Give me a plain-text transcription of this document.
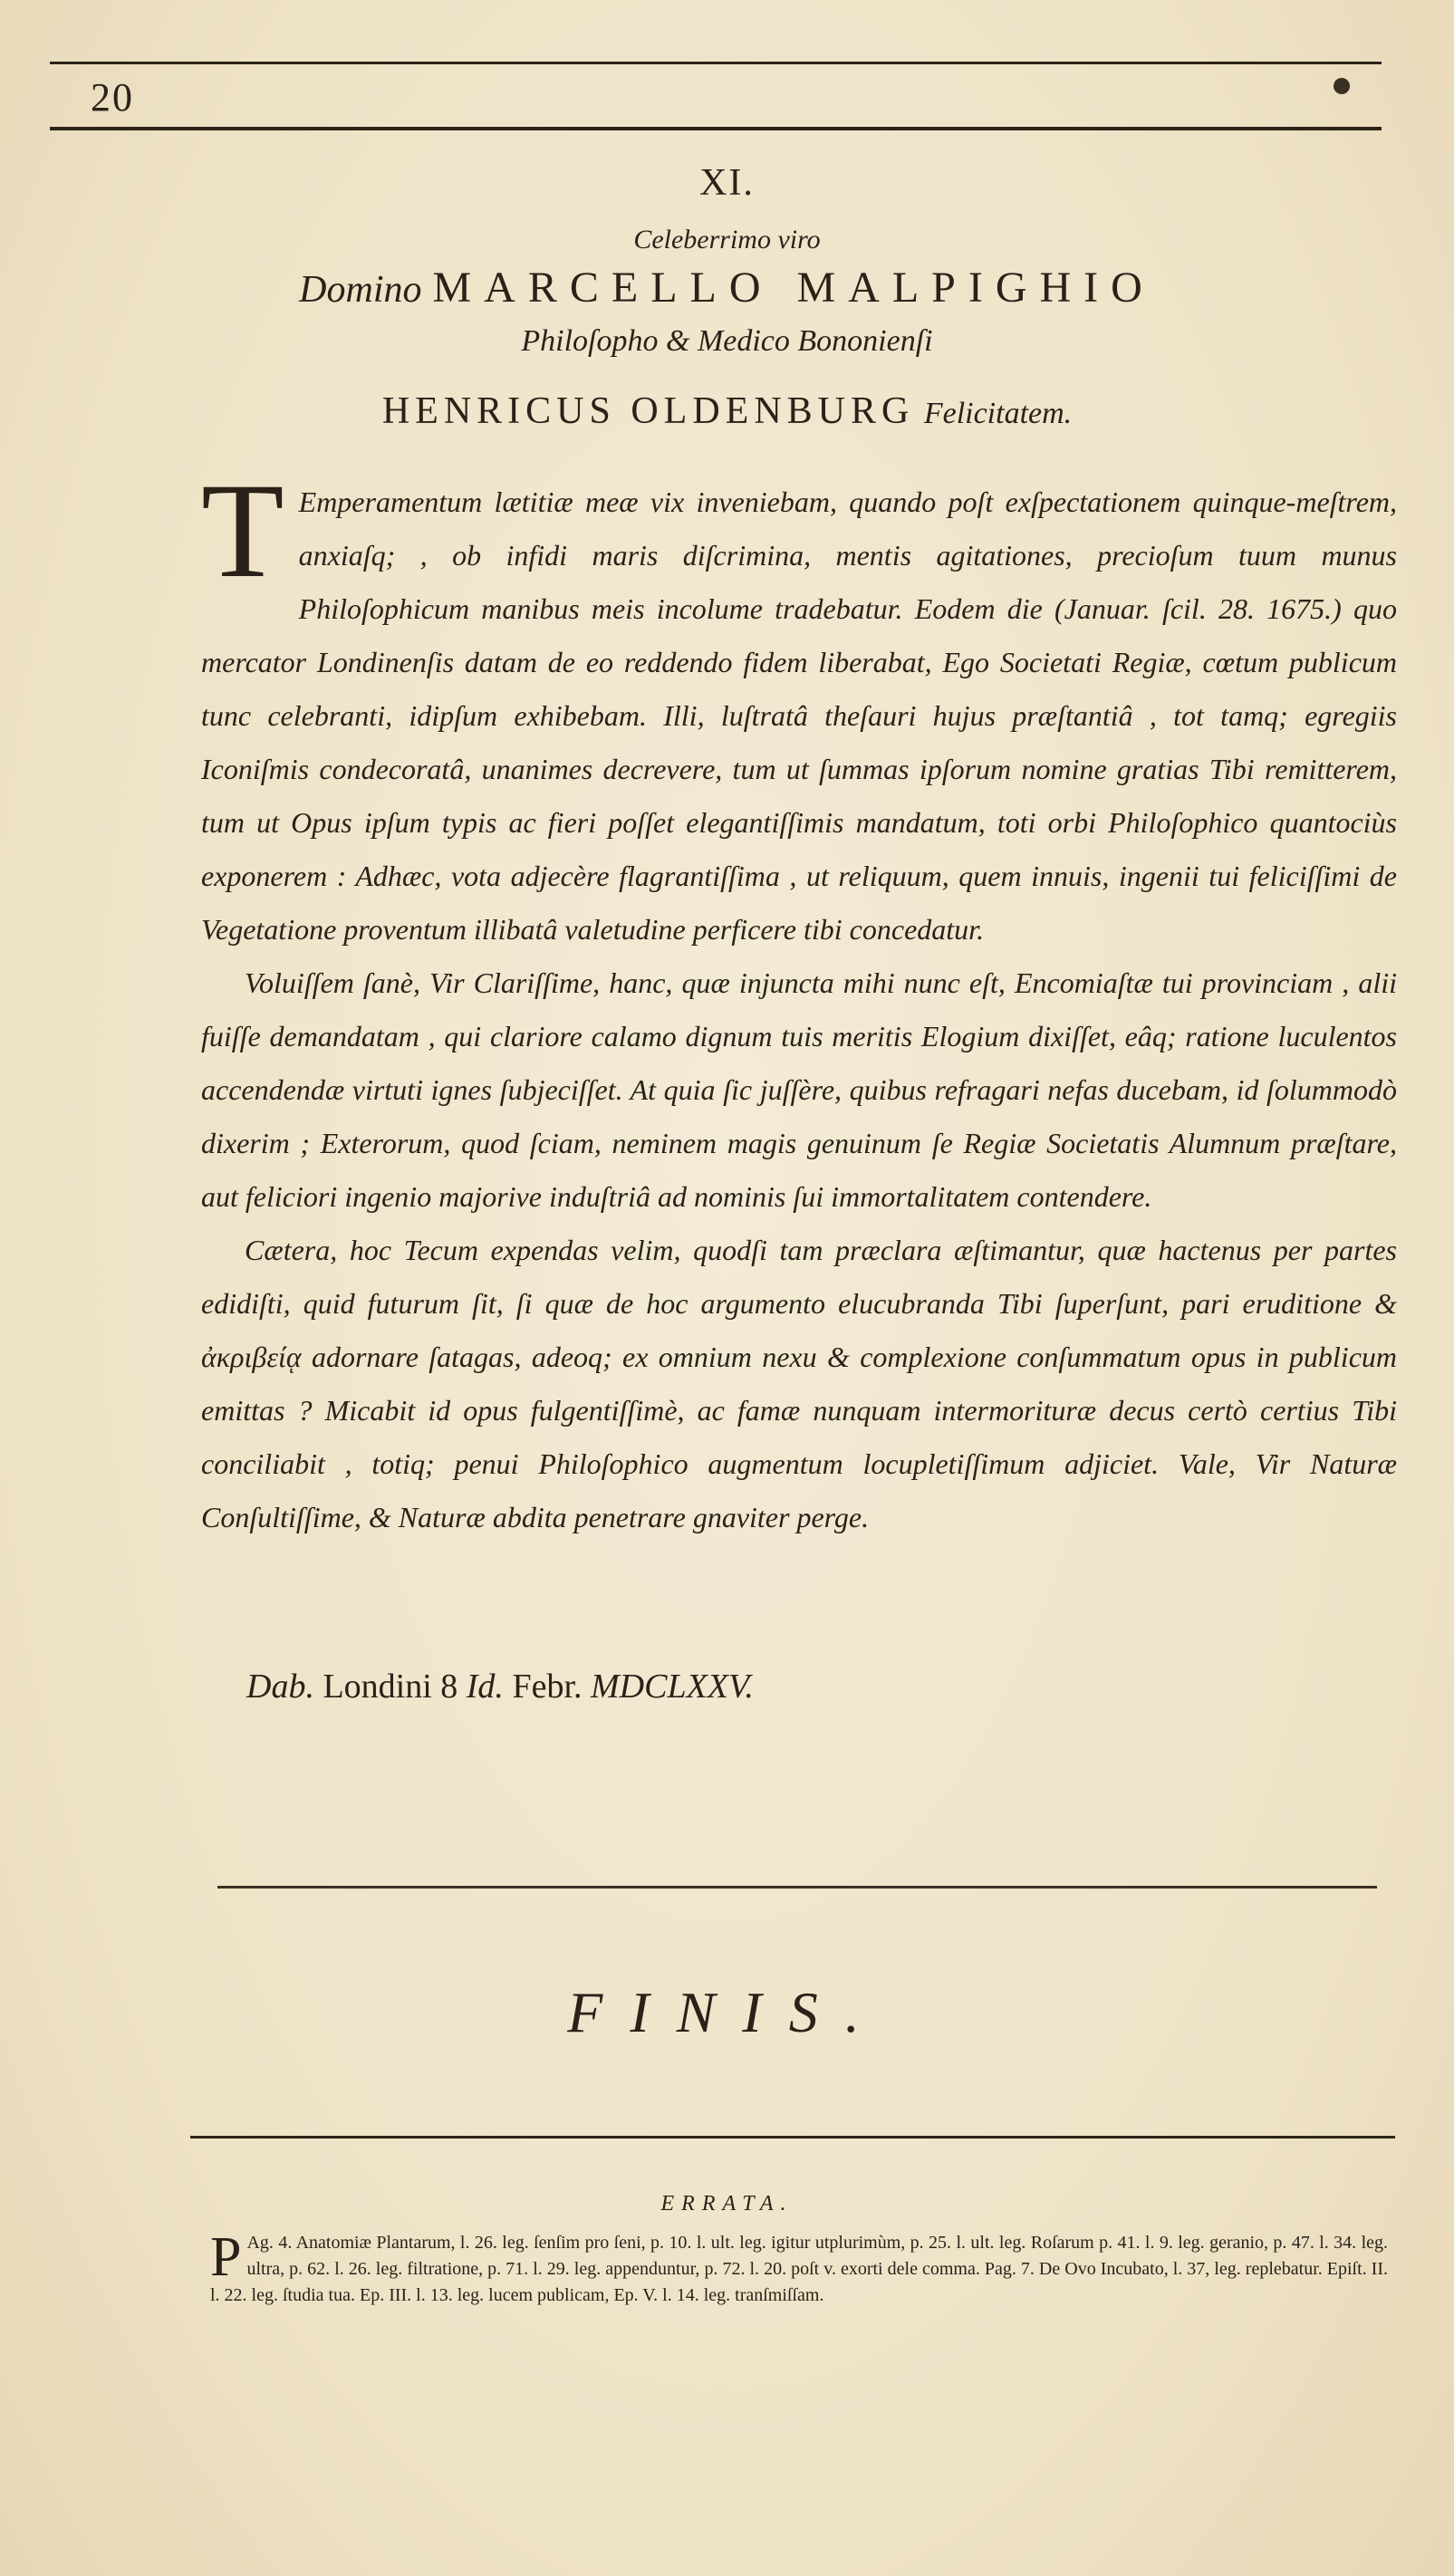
20
XI.
Celeberrimo viro
Domino MARCELLO MALPIGHIO
Philoſopho & Medico Bononienſi
HENRICUS OLDENBURG Felicitatem.

T Emperamentum lætitiæ meæ vix inveniebam, quando poſt exſpectationem quinque-meſtrem, anxiaſq; , ob infidi maris diſcrimina, mentis agitationes, precioſum tuum munus Philoſophicum manibus meis incolume tradebatur. Eodem die (Januar. ſcil. 28. 1675.) quo mercator Londinenſis datam de eo reddendo fidem liberabat, Ego Societati Regiæ, cœtum publicum tunc celebranti, idipſum exhibebam. Illi, luſtratâ theſauri hujus præſtantiâ , tot tamq; egregiis Iconiſmis condecoratâ, unanimes decrevere, tum ut ſummas ipſorum nomine gratias Tibi remitterem, tum ut Opus ipſum typis ac fieri poſſet elegantiſſimis mandatum, toti orbi Philoſophico quantociùs exponerem : Adhæc, vota adjecère flagrantiſſima , ut reliquum, quem innuis, ingenii tui feliciſſimi de Vegetatione proventum illibatâ valetudine perficere tibi concedatur.

Voluiſſem ſanè, Vir Clariſſime, hanc, quæ injuncta mihi nunc eſt, Encomiaſtæ tui provinciam , alii fuiſſe demandatam , qui clariore calamo dignum tuis meritis Elogium dixiſſet, eâq; ratione luculentos accendendæ virtuti ignes ſubjeciſſet. At quia ſic juſſère, quibus refragari nefas ducebam, id ſolummodò dixerim ; Exterorum, quod ſciam, neminem magis genuinum ſe Regiæ Societatis Alumnum præſtare, aut feliciori ingenio majorive induſtriâ ad nominis ſui immortalitatem contendere.

Cætera, hoc Tecum expendas velim, quodſi tam præclara æſtimantur, quæ hactenus per partes edidiſti, quid futurum ſit, ſi quæ de hoc argumento elucubranda Tibi ſuperſunt, pari eruditione & ἀκριβείᾳ adornare ſatagas, adeoq; ex omnium nexu & complexione conſummatum opus in publicum emittas ? Micabit id opus fulgentiſſimè, ac famæ nunquam intermorituræ decus certò certius Tibi conciliabit , totiq; penui Philoſophico augmentum locupletiſſimum adjiciet. Vale, Vir Naturæ Conſultiſſime, & Naturæ abdita penetrare gnaviter perge.

Dab. Londini 8 Id. Febr. MDCLXXV.
FINIS.
ERRATA.
P Ag. 4. Anatomiæ Plantarum, l. 26. leg. ſenſim pro ſeni, p. 10. l. ult. leg. igitur utplurimùm, p. 25. l. ult. leg. Roſarum p. 41. l. 9. leg. geranio, p. 47. l. 34. leg. ultra, p. 62. l. 26. leg. filtratione, p. 71. l. 29. leg. appenduntur, p. 72. l. 20. poſt v. exorti dele comma. Pag. 7. De Ovo Incubato, l. 37, leg. replebatur. Epiſt. II. l. 22. leg. ſtudia tua. Ep. III. l. 13. leg. lucem publicam, Ep. V. l. 14. leg. tranſmiſſam.
